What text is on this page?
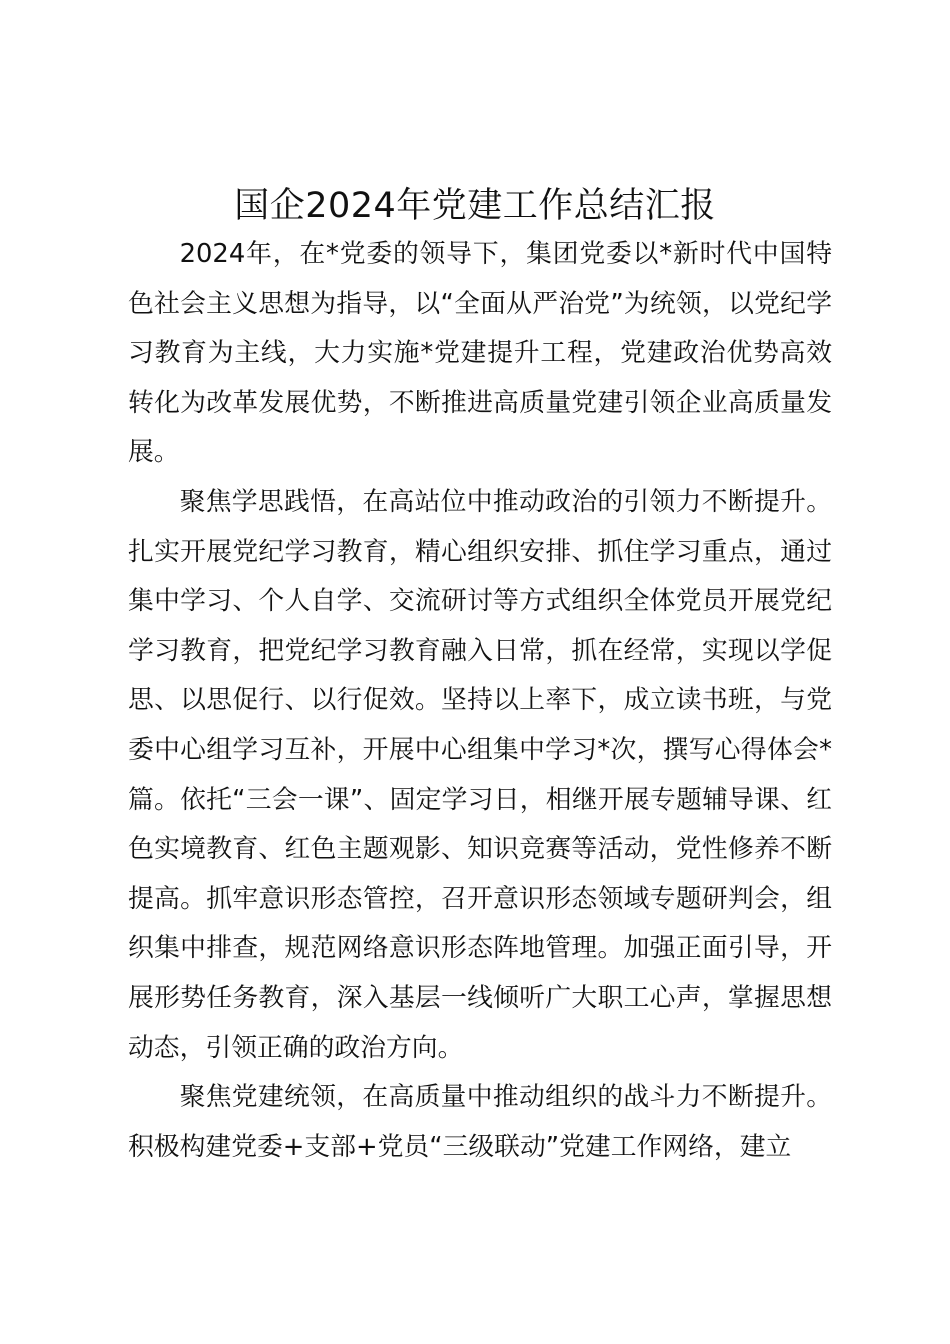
国企2024年党建工作总结汇报

2024年，在*党委的领导下，集团党委以*新时代中国特色社会主义思想为指导，以“全面从严治党”为统领，以党纪学习教育为主线，大力实施*党建提升工程，党建政治优势高效转化为改革发展优势，不断推进高质量党建引领企业高质量发展。

聚焦学思践悟，在高站位中推动政治的引领力不断提升。扎实开展党纪学习教育，精心组织安排、抓住学习重点，通过集中学习、个人自学、交流研讨等方式组织全体党员开展党纪学习教育，把党纪学习教育融入日常，抓在经常，实现以学促思、以思促行、以行促效。坚持以上率下，成立读书班，与党委中心组学习互补，开展中心组集中学习*次，撰写心得体会*篇。依托“三会一课”、固定学习日，相继开展专题辅导课、红色实境教育、红色主题观影、知识竞赛等活动，党性修养不断提高。抓牢意识形态管控，召开意识形态领域专题研判会，组织集中排查，规范网络意识形态阵地管理。加强正面引导，开展形势任务教育，深入基层一线倾听广大职工心声，掌握思想动态，引领正确的政治方向。

聚焦党建统领，在高质量中推动组织的战斗力不断提升。积极构建党委+支部+党员“三级联动”党建工作网络，建立
